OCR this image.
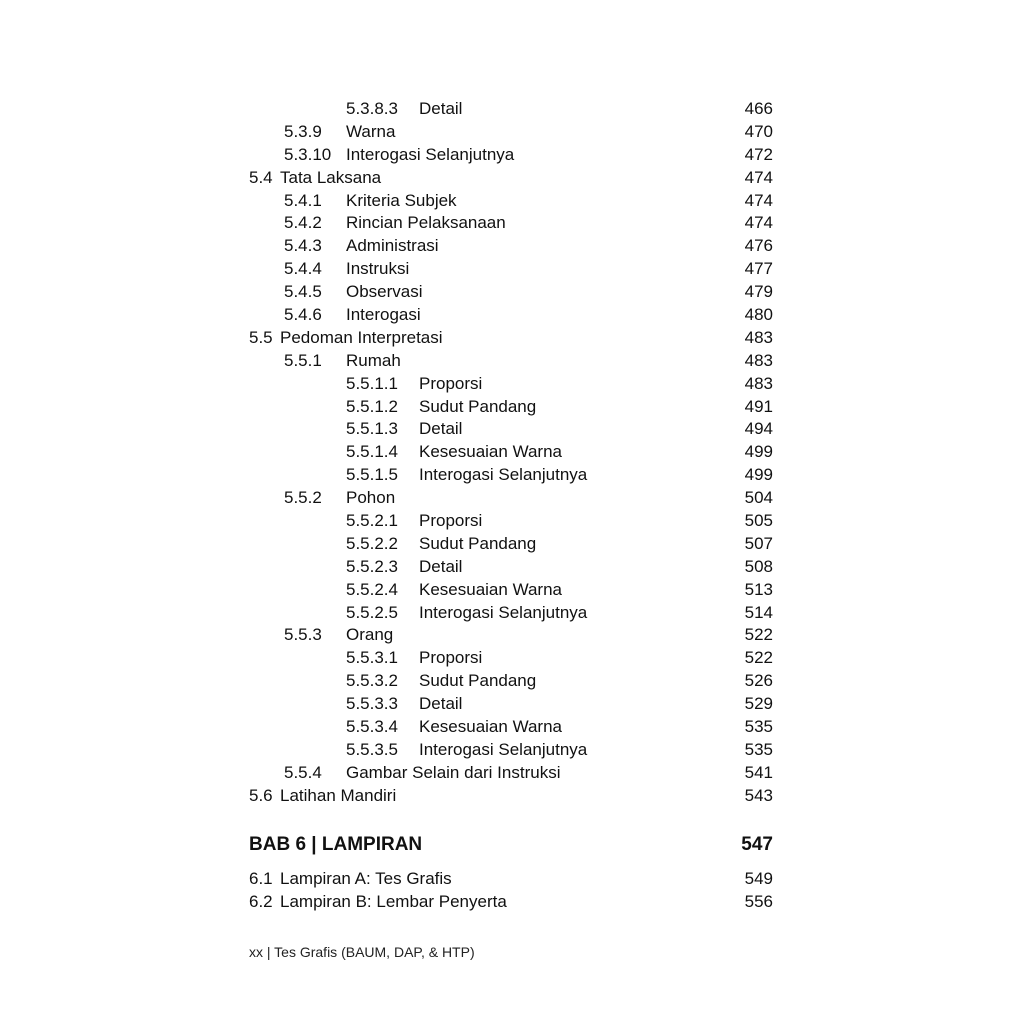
5.3.8.3 Detail	466
5.3.9 Warna	470
5.3.10 Interogasi Selanjutnya	472
5.4 Tata Laksana	474
5.4.1 Kriteria Subjek	474
5.4.2 Rincian Pelaksanaan	474
5.4.3 Administrasi	476
5.4.4 Instruksi	477
5.4.5 Observasi	479
5.4.6 Interogasi	480
5.5 Pedoman Interpretasi	483
5.5.1 Rumah	483
5.5.1.1 Proporsi	483
5.5.1.2 Sudut Pandang	491
5.5.1.3 Detail	494
5.5.1.4 Kesesuaian Warna	499
5.5.1.5 Interogasi Selanjutnya	499
5.5.2 Pohon	504
5.5.2.1 Proporsi	505
5.5.2.2 Sudut Pandang	507
5.5.2.3 Detail	508
5.5.2.4 Kesesuaian Warna	513
5.5.2.5 Interogasi Selanjutnya	514
5.5.3 Orang	522
5.5.3.1 Proporsi	522
5.5.3.2 Sudut Pandang	526
5.5.3.3 Detail	529
5.5.3.4 Kesesuaian Warna	535
5.5.3.5 Interogasi Selanjutnya	535
5.5.4 Gambar Selain dari Instruksi	541
5.6 Latihan Mandiri	543
BAB 6 | LAMPIRAN	547
6.1 Lampiran A: Tes Grafis	549
6.2 Lampiran B: Lembar Penyerta	556
xx | Tes Grafis (BAUM, DAP, & HTP)
